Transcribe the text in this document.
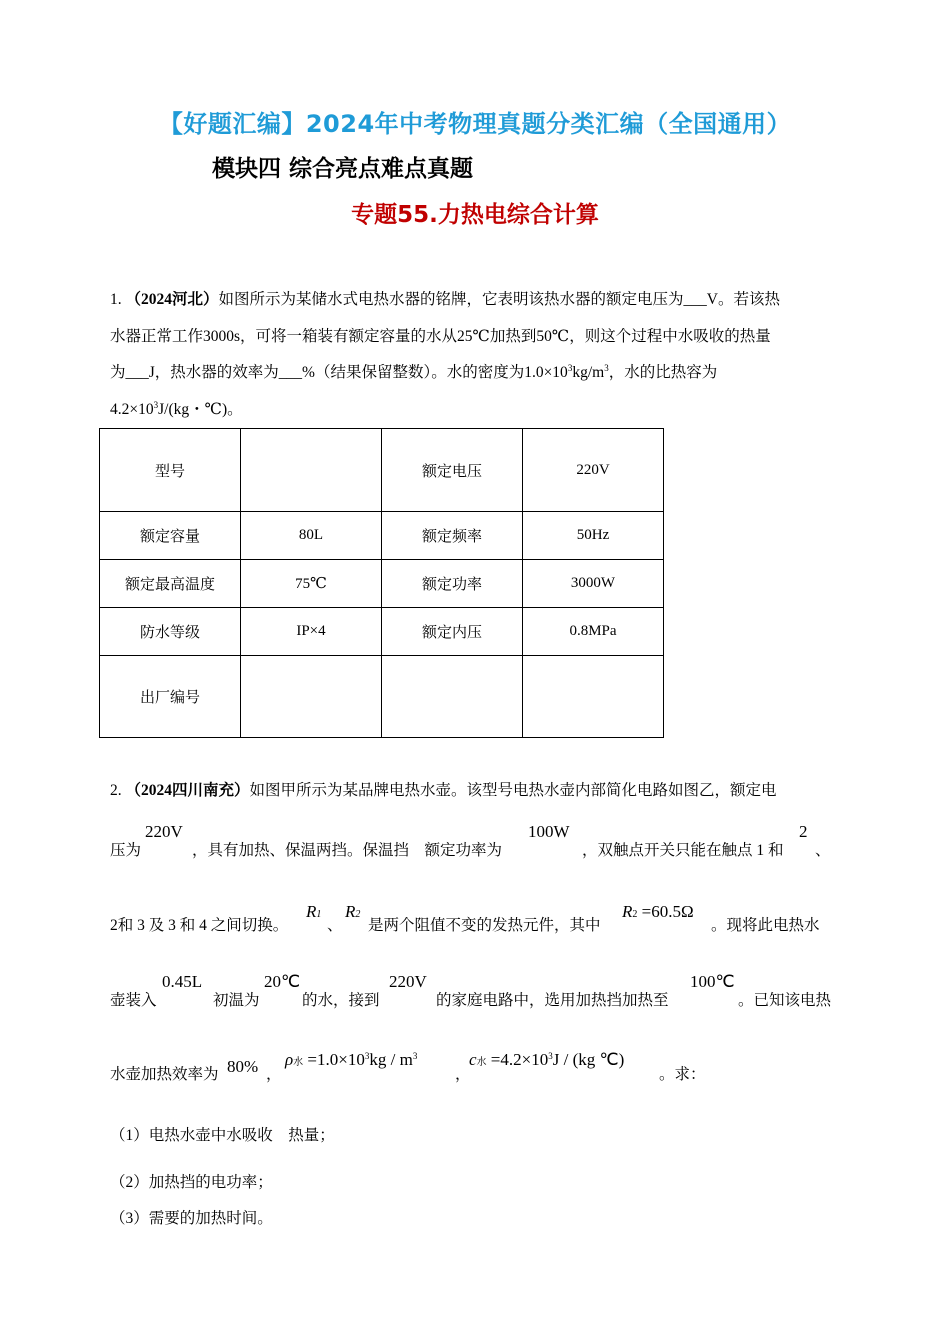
【好题汇编】2024年中考物理真题分类汇编（全国通用）
模块四 综合亮点难点真题
专题55.力热电综合计算
1. （2024河北）如图所示为某储水式电热水器的铭牌，它表明该热水器的额定电压为___V。若该热
水器正常工作3000s，可将一箱装有额定容量的水从25℃加热到50℃，则这个过程中水吸收的热量
为___J，热水器的效率为___%（结果保留整数）。水的密度为$1.0\times 10^3kg/m^3$，水的比热容为
$4.2\times 10^3J/(kg$・℃)。
型号		额定电压	220V
额定容量	80L	额定频率	50Hz
额定最高温度	75℃	额定功率	3000W
防水等级	IP×4	额定内压	0.8MPa
出厂编号			
2. （2024四川南充）如图甲所示为某品牌电热水壶。该型号电热水壶内部简化电路如图乙，额定电
压为
220V
，具有加热、保温两挡。保温挡　额定功率为
100W
，双触点开关只能在触点 1 和
2
、
2和 3 及 3 和 4 之间切换。
R1
、
R2
是两个阻值不变的发热元件，其中
R2 =60.5Ω
。现将此电热水
壶装入
0.45L
初温为
20℃
的水，接到
220V
的家庭电路中，选用加热挡加热至
100℃
。已知该电热
水壶加热效率为 80% ，
ρ水 $=1.0\times 10^3kg / m^3$
，
c水 $=4.2\times 10^3J / (kg$ ℃)
。求：
（1）电热水壶中水吸收　热量；
（2）加热挡的电功率；
（3）需要的加热时间。
